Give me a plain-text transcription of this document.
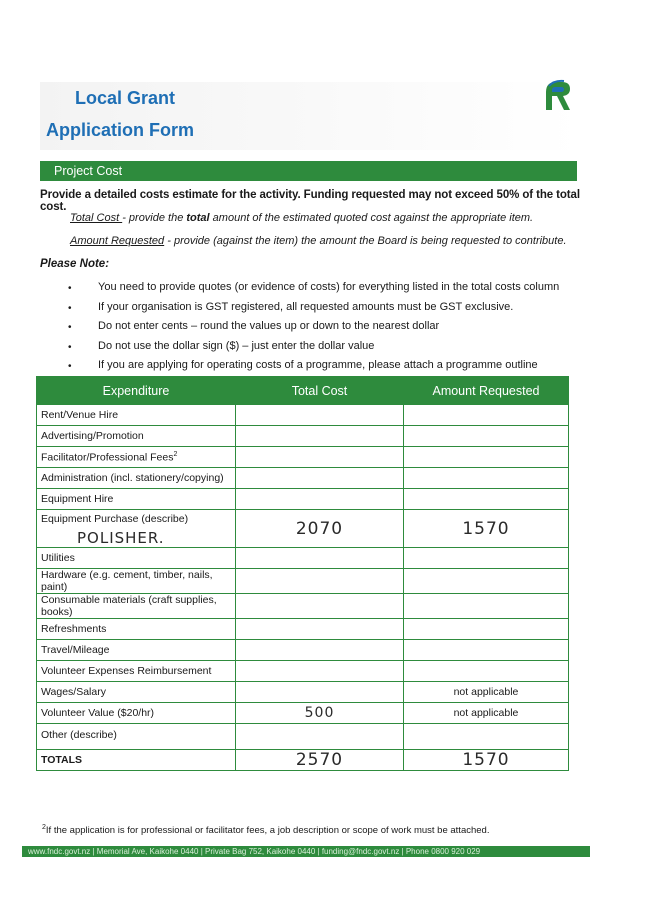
Local Grant
Application Form
Project Cost
Provide a detailed costs estimate for the activity. Funding requested may not exceed 50% of the total cost.
Total Cost - provide the total amount of the estimated quoted cost against the appropriate item.
Amount Requested - provide (against the item) the amount the Board is being requested to contribute.
Please Note:
• You need to provide quotes (or evidence of costs) for everything listed in the total costs column
• If your organisation is GST registered, all requested amounts must be GST exclusive.
• Do not enter cents – round the values up or down to the nearest dollar
• Do not use the dollar sign ($) – just enter the dollar value
• If you are applying for operating costs of a programme, please attach a programme outline
Expenditure	Total Cost	Amount Requested
Rent/Venue Hire		
Advertising/Promotion		
Facilitator/Professional Fees$^2$		
Administration (incl. stationery/copying)		
Equipment Hire		
Equipment Purchase (describe)
POLISHER.	2070	1570
Utilities		
Hardware (e.g. cement, timber, nails, paint)		
Consumable materials (craft supplies, books)		
Refreshments		
Travel/Mileage		
Volunteer Expenses Reimbursement		
Wages/Salary		not applicable
Volunteer Value ($20/hr)	500	not applicable
Other (describe)		
TOTALS	2570	1570
$^2$If the application is for professional or facilitator fees, a job description or scope of work must be attached.
www.fndc.govt.nz | Memorial Ave, Kaikohe 0440 | Private Bag 752, Kaikohe 0440 | funding@fndc.govt.nz | Phone 0800 920 029
